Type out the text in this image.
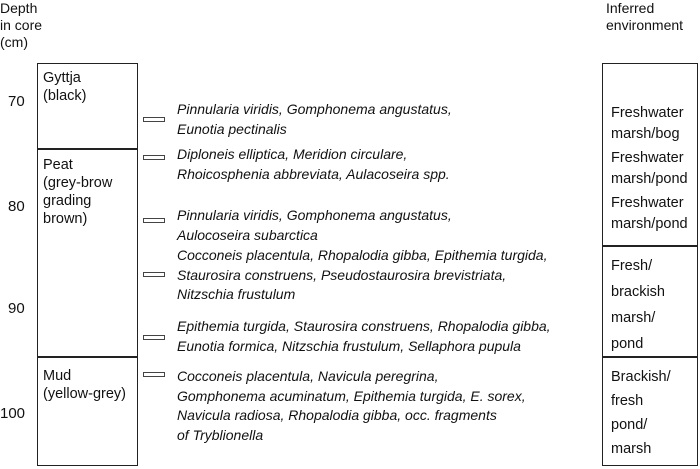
Depth
in core
(cm)
Inferred
environment
70
80
90
100
Gyttja
(black)
Peat
(grey-brow
grading
brown)
Mud
(yellow-grey)
Pinnularia viridis, Gomphonema angustatus,
Eunotia pectinalis
Diploneis elliptica, Meridion circulare,
Rhoicosphenia abbreviata, Aulacoseira spp.
Pinnularia viridis, Gomphonema angustatus,
Aulocoseira subarctica
Cocconeis placentula, Rhopalodia gibba, Epithemia turgida,
Staurosira construens, Pseudostaurosira brevistriata,
Nitzschia frustulum
Epithemia turgida, Staurosira construens, Rhopalodia gibba,
Eunotia formica, Nitzschia frustulum, Sellaphora pupula
Cocconeis placentula, Navicula peregrina,
Gomphonema acuminatum, Epithemia turgida, E. sorex,
Navicula radiosa, Rhopalodia gibba, occ. fragments
of Tryblionella
Freshwater
marsh/bog
Freshwater
marsh/pond
Freshwater
marsh/pond
Fresh/
brackish
marsh/
pond
Brackish/
fresh
pond/
marsh
